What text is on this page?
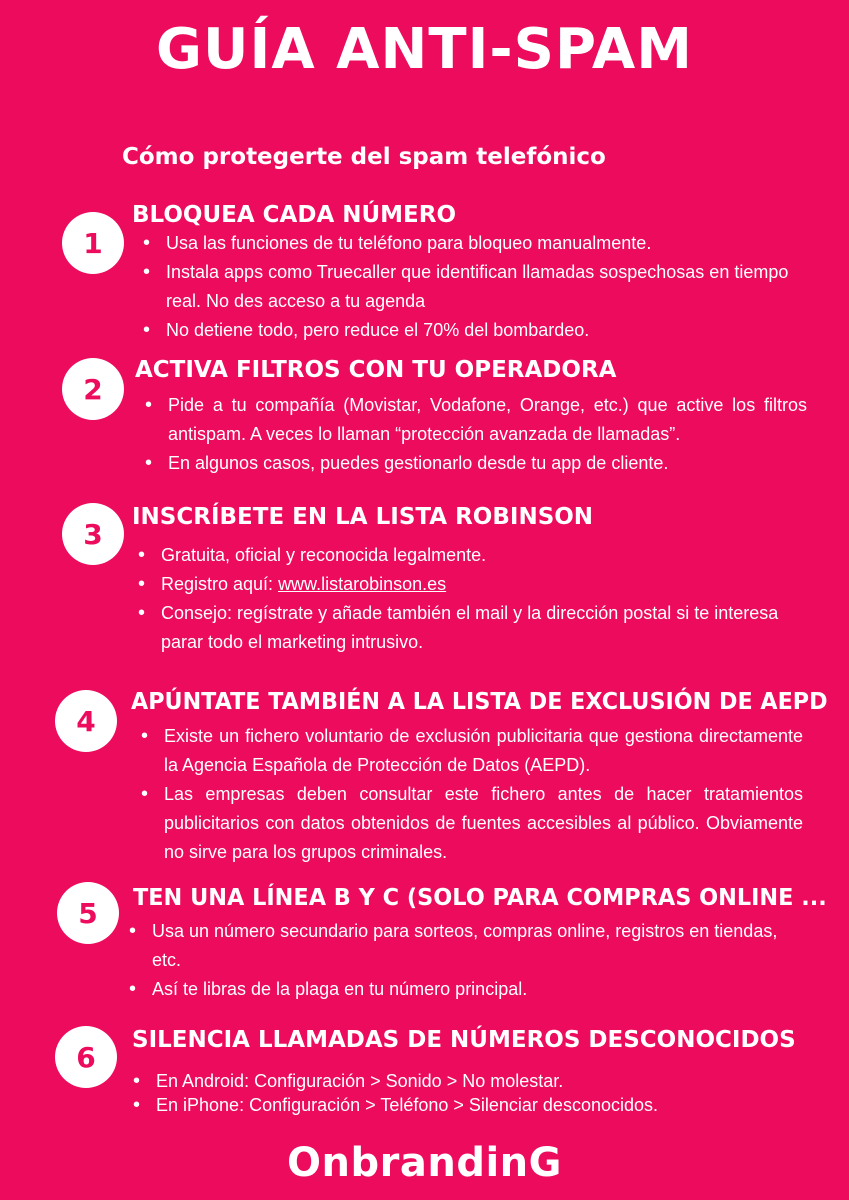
GUÍA ANTI-SPAM
Cómo protegerte del spam telefónico
1
BLOQUEA CADA NÚMERO
• Usa las funciones de tu teléfono para bloqueo manualmente.
• Instala apps como Truecaller que identifican llamadas sospechosas en tiempo real. No des acceso a tu agenda
• No detiene todo, pero reduce el 70% del bombardeo.
2
ACTIVA FILTROS CON TU OPERADORA
• Pide a tu compañía (Movistar, Vodafone, Orange, etc.) que active los filtros antispam. A veces lo llaman “protección avanzada de llamadas”.
• En algunos casos, puedes gestionarlo desde tu app de cliente.
3
INSCRÍBETE EN LA LISTA ROBINSON
• Gratuita, oficial y reconocida legalmente.
• Registro aquí: www.listarobinson.es
• Consejo: regístrate y añade también el mail y la dirección postal si te interesa parar todo el marketing intrusivo.
4
APÚNTATE TAMBIÉN A LA LISTA DE EXCLUSIÓN DE AEPD
• Existe un fichero voluntario de exclusión publicitaria que gestiona directamente la Agencia Española de Protección de Datos (AEPD).
• Las empresas deben consultar este fichero antes de hacer tratamientos publicitarios con datos obtenidos de fuentes accesibles al público. Obviamente no sirve para los grupos criminales.
5	TEN UNA LÍNEA B Y C (SOLO PARA COMPRAS ONLINE ...
• Usa un número secundario para sorteos, compras online, registros en tiendas, etc.
• Así te libras de la plaga en tu número principal.
6
SILENCIA LLAMADAS DE NÚMEROS DESCONOCIDOS
• En Android: Configuración > Sonido > No molestar.
• En iPhone: Configuración > Teléfono > Silenciar desconocidos.
OnbrandinG
